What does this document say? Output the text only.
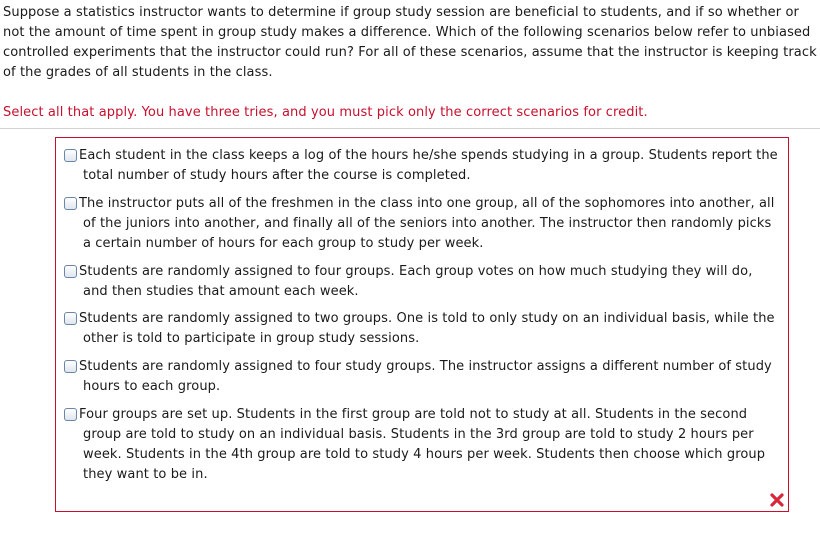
Suppose a statistics instructor wants to determine if group study session are beneficial to students, and if so whether or not the amount of time spent in group study makes a difference. Which of the following scenarios below refer to unbiased controlled experiments that the instructor could run? For all of these scenarios, assume that the instructor is keeping track of the grades of all students in the class.
Select all that apply. You have three tries, and you must pick only the correct scenarios for credit.
Each student in the class keeps a log of the hours he/she spends studying in a group. Students report the total number of study hours after the course is completed.
The instructor puts all of the freshmen in the class into one group, all of the sophomores into another, all of the juniors into another, and finally all of the seniors into another. The instructor then randomly picks a certain number of hours for each group to study per week.
Students are randomly assigned to four groups. Each group votes on how much studying they will do, and then studies that amount each week.
Students are randomly assigned to two groups. One is told to only study on an individual basis, while the other is told to participate in group study sessions.
Students are randomly assigned to four study groups. The instructor assigns a different number of study hours to each group.
Four groups are set up. Students in the first group are told not to study at all. Students in the second group are told to study on an individual basis. Students in the 3rd group are told to study 2 hours per week. Students in the 4th group are told to study 4 hours per week. Students then choose which group they want to be in.
